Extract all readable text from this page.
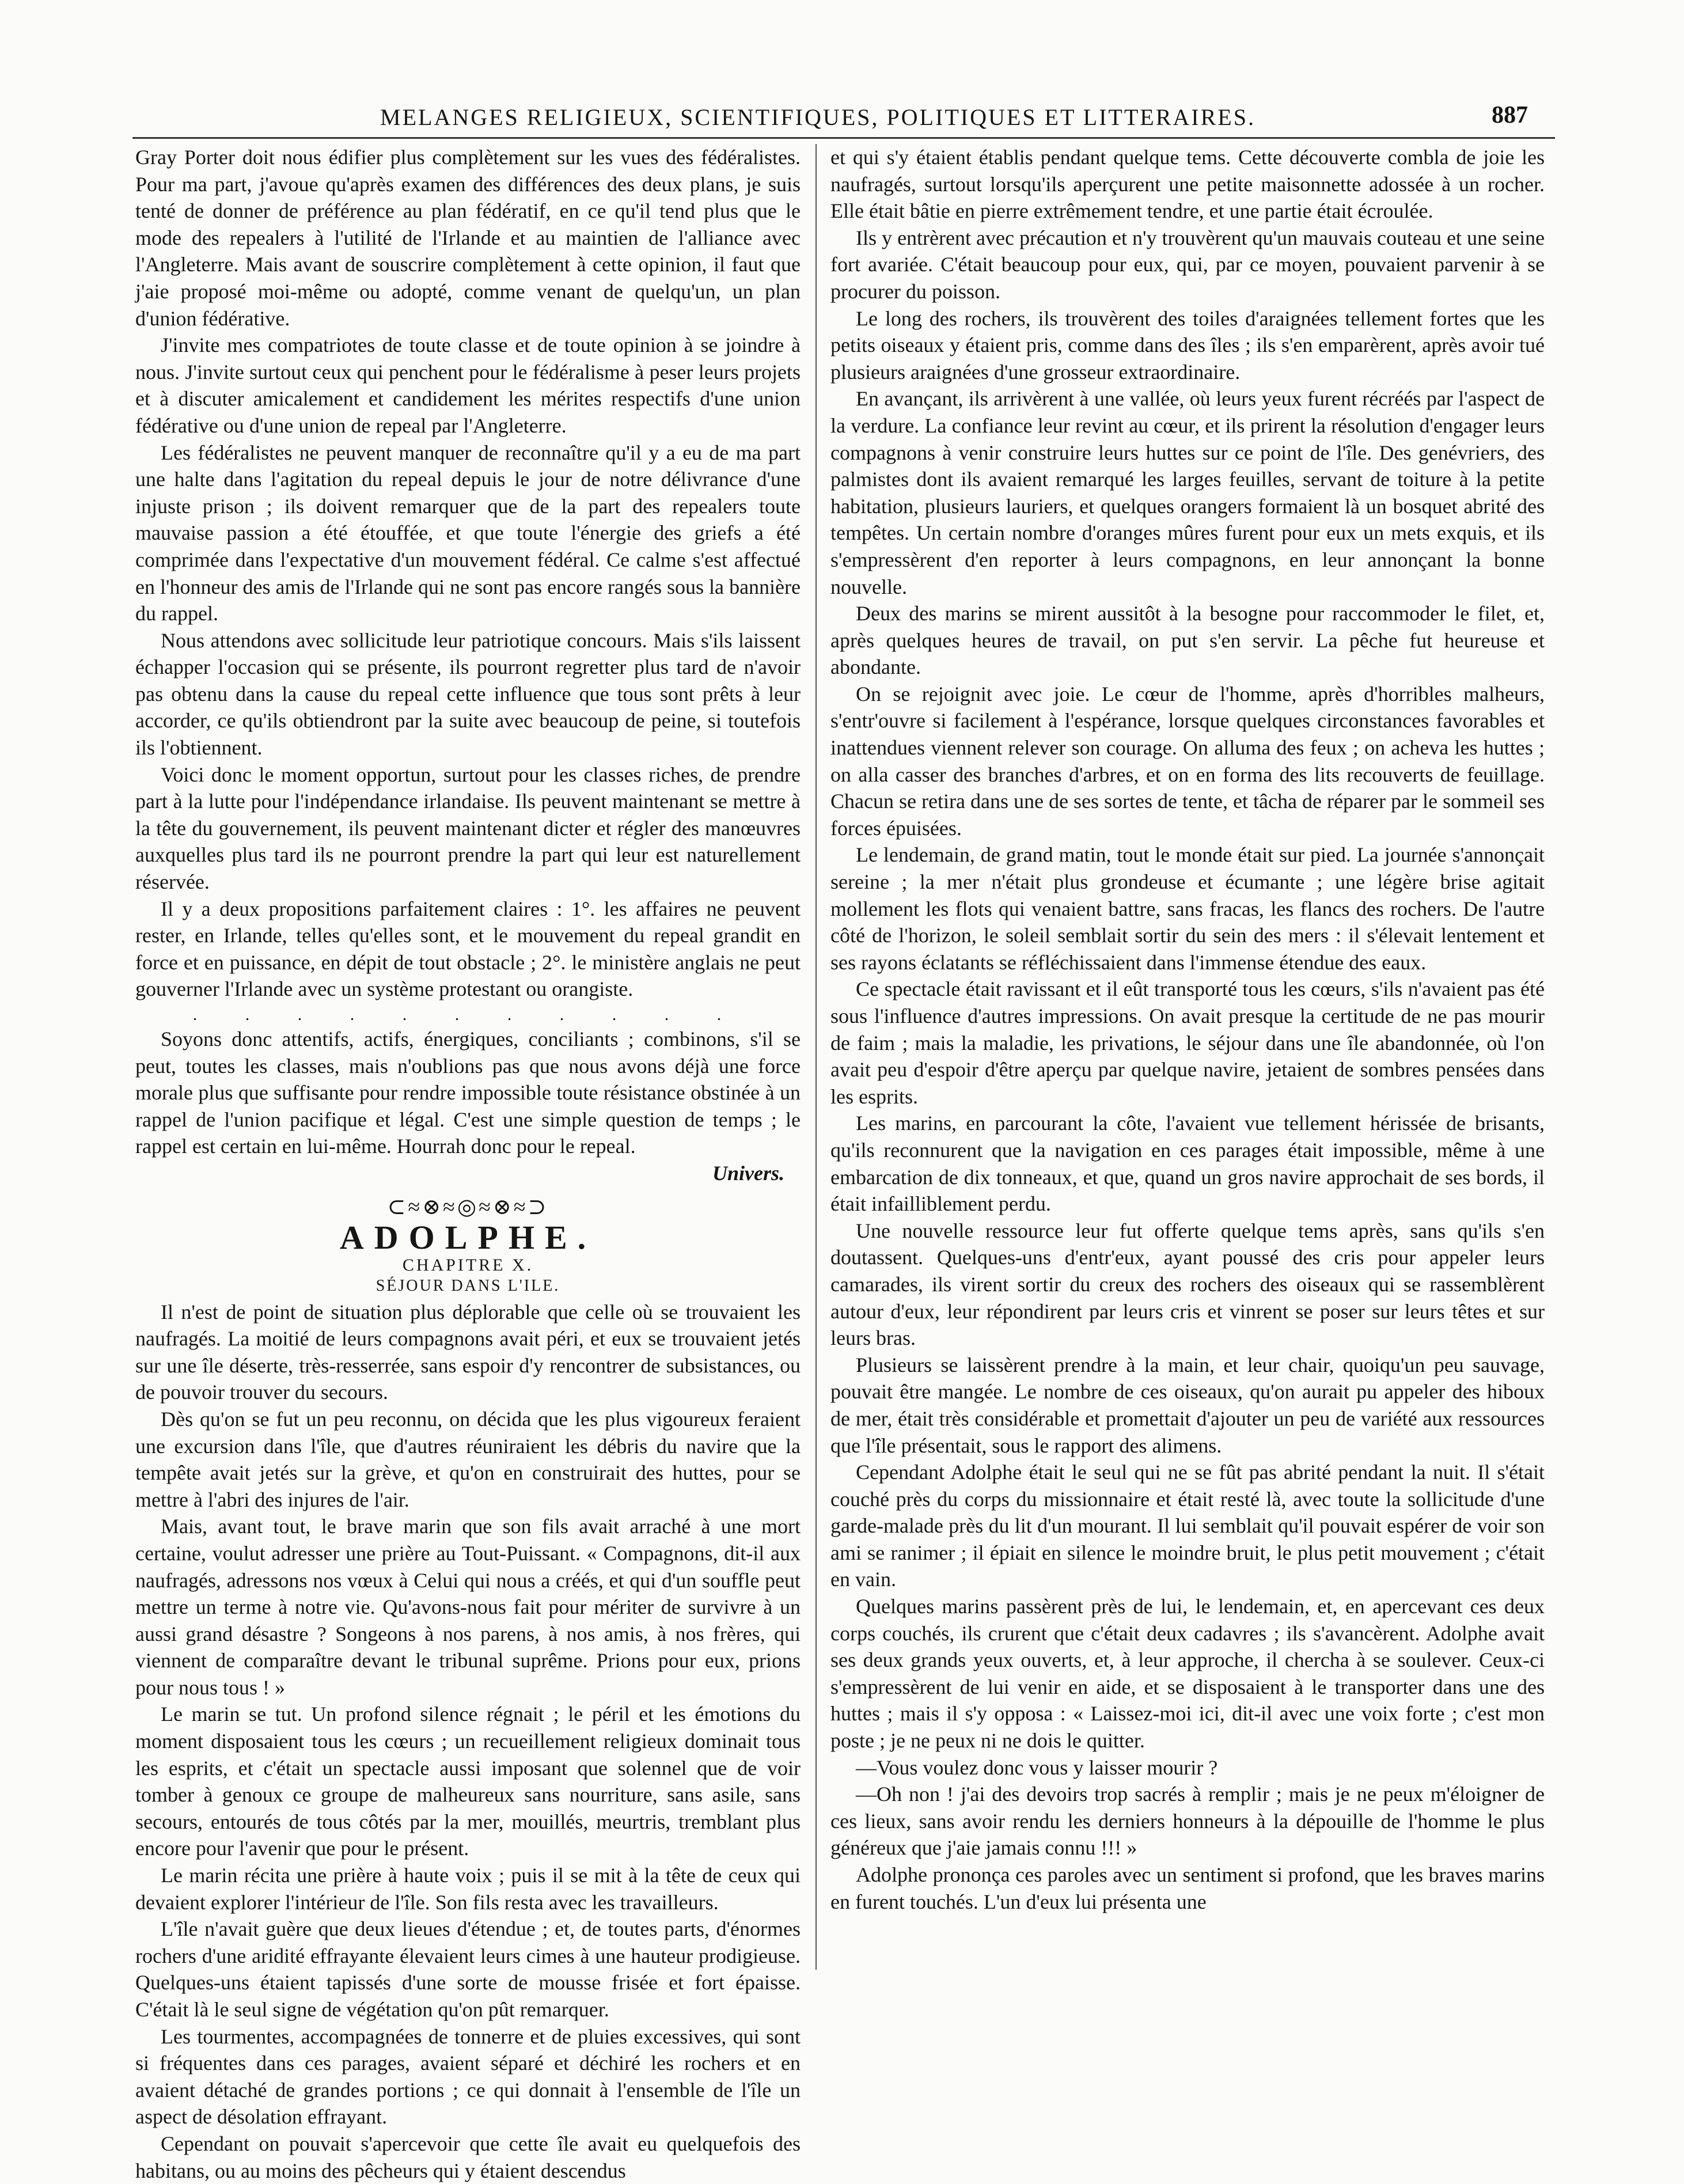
MELANGES RELIGIEUX, SCIENTIFIQUES, POLITIQUES ET LITTERAIRES.	887

Gray Porter doit nous édifier plus complètement sur les vues des fédéralistes. Pour ma part, j'avoue qu'après examen des différences des deux plans, je suis tenté de donner de préférence au plan fédératif, en ce qu'il tend plus que le mode des repealers à l'utilité de l'Irlande et au maintien de l'alliance avec l'Angleterre. Mais avant de souscrire complètement à cette opinion, il faut que j'aie proposé moi-même ou adopté, comme venant de quelqu'un, un plan d'union fédérative.

J'invite mes compatriotes de toute classe et de toute opinion à se joindre à nous. J'invite surtout ceux qui penchent pour le fédéralisme à peser leurs projets et à discuter amicalement et candidement les mérites respectifs d'une union fédérative ou d'une union de repeal par l'Angleterre.

Les fédéralistes ne peuvent manquer de reconnaître qu'il y a eu de ma part une halte dans l'agitation du repeal depuis le jour de notre délivrance d'une injuste prison ; ils doivent remarquer que de la part des repealers toute mauvaise passion a été étouffée, et que toute l'énergie des griefs a été comprimée dans l'expectative d'un mouvement fédéral. Ce calme s'est affectué en l'honneur des amis de l'Irlande qui ne sont pas encore rangés sous la bannière du rappel.

Nous attendons avec sollicitude leur patriotique concours. Mais s'ils laissent échapper l'occasion qui se présente, ils pourront regretter plus tard de n'avoir pas obtenu dans la cause du repeal cette influence que tous sont prêts à leur accorder, ce qu'ils obtiendront par la suite avec beaucoup de peine, si toutefois ils l'obtiennent.

Voici donc le moment opportun, surtout pour les classes riches, de prendre part à la lutte pour l'indépendance irlandaise. Ils peuvent maintenant se mettre à la tête du gouvernement, ils peuvent maintenant dicter et régler des manœuvres auxquelles plus tard ils ne pourront prendre la part qui leur est naturellement réservée.

Il y a deux propositions parfaitement claires : 1°. les affaires ne peuvent rester, en Irlande, telles qu'elles sont, et le mouvement du repeal grandit en force et en puissance, en dépit de tout obstacle ; 2°. le ministère anglais ne peut gouverner l'Irlande avec un système protestant ou orangiste.

. . . . . . . . . . .

Soyons donc attentifs, actifs, énergiques, conciliants ; combinons, s'il se peut, toutes les classes, mais n'oublions pas que nous avons déjà une force morale plus que suffisante pour rendre impossible toute résistance obstinée à un rappel de l'union pacifique et légal. C'est une simple question de temps ; le rappel est certain en lui-même. Hourrah donc pour le repeal.

Univers.
⊂≈⊗≈◎≈⊗≈⊃
ADOLPHE.
CHAPITRE X.
SÉJOUR DANS L'ILE.

Il n'est de point de situation plus déplorable que celle où se trouvaient les naufragés. La moitié de leurs compagnons avait péri, et eux se trouvaient jetés sur une île déserte, très-resserrée, sans espoir d'y rencontrer de subsistances, ou de pouvoir trouver du secours.

Dès qu'on se fut un peu reconnu, on décida que les plus vigoureux feraient une excursion dans l'île, que d'autres réuniraient les débris du navire que la tempête avait jetés sur la grève, et qu'on en construirait des huttes, pour se mettre à l'abri des injures de l'air.

Mais, avant tout, le brave marin que son fils avait arraché à une mort certaine, voulut adresser une prière au Tout-Puissant. « Compagnons, dit-il aux naufragés, adressons nos vœux à Celui qui nous a créés, et qui d'un souffle peut mettre un terme à notre vie. Qu'avons-nous fait pour mériter de survivre à un aussi grand désastre ? Songeons à nos parens, à nos amis, à nos frères, qui viennent de comparaître devant le tribunal suprême. Prions pour eux, prions pour nous tous ! »

Le marin se tut. Un profond silence régnait ; le péril et les émotions du moment disposaient tous les cœurs ; un recueillement religieux dominait tous les esprits, et c'était un spectacle aussi imposant que solennel que de voir tomber à genoux ce groupe de malheureux sans nourriture, sans asile, sans secours, entourés de tous côtés par la mer, mouillés, meurtris, tremblant plus encore pour l'avenir que pour le présent.

Le marin récita une prière à haute voix ; puis il se mit à la tête de ceux qui devaient explorer l'intérieur de l'île. Son fils resta avec les travailleurs.

L'île n'avait guère que deux lieues d'étendue ; et, de toutes parts, d'énormes rochers d'une aridité effrayante élevaient leurs cimes à une hauteur prodigieuse. Quelques-uns étaient tapissés d'une sorte de mousse frisée et fort épaisse. C'était là le seul signe de végétation qu'on pût remarquer.

Les tourmentes, accompagnées de tonnerre et de pluies excessives, qui sont si fréquentes dans ces parages, avaient séparé et déchiré les rochers et en avaient détaché de grandes portions ; ce qui donnait à l'ensemble de l'île un aspect de désolation effrayant.

Cependant on pouvait s'apercevoir que cette île avait eu quelquefois des habitans, ou au moins des pêcheurs qui y étaient descendus

et qui s'y étaient établis pendant quelque tems. Cette découverte combla de joie les naufragés, surtout lorsqu'ils aperçurent une petite maisonnette adossée à un rocher. Elle était bâtie en pierre extrêmement tendre, et une partie était écroulée.

Ils y entrèrent avec précaution et n'y trouvèrent qu'un mauvais couteau et une seine fort avariée. C'était beaucoup pour eux, qui, par ce moyen, pouvaient parvenir à se procurer du poisson.

Le long des rochers, ils trouvèrent des toiles d'araignées tellement fortes que les petits oiseaux y étaient pris, comme dans des îles ; ils s'en emparèrent, après avoir tué plusieurs araignées d'une grosseur extraordinaire.

En avançant, ils arrivèrent à une vallée, où leurs yeux furent récréés par l'aspect de la verdure. La confiance leur revint au cœur, et ils prirent la résolution d'engager leurs compagnons à venir construire leurs huttes sur ce point de l'île. Des genévriers, des palmistes dont ils avaient remarqué les larges feuilles, servant de toiture à la petite habitation, plusieurs lauriers, et quelques orangers formaient là un bosquet abrité des tempêtes. Un certain nombre d'oranges mûres furent pour eux un mets exquis, et ils s'empressèrent d'en reporter à leurs compagnons, en leur annonçant la bonne nouvelle.

Deux des marins se mirent aussitôt à la besogne pour raccommoder le filet, et, après quelques heures de travail, on put s'en servir. La pêche fut heureuse et abondante.

On se rejoignit avec joie. Le cœur de l'homme, après d'horribles malheurs, s'entr'ouvre si facilement à l'espérance, lorsque quelques circonstances favorables et inattendues viennent relever son courage. On alluma des feux ; on acheva les huttes ; on alla casser des branches d'arbres, et on en forma des lits recouverts de feuillage. Chacun se retira dans une de ses sortes de tente, et tâcha de réparer par le sommeil ses forces épuisées.

Le lendemain, de grand matin, tout le monde était sur pied. La journée s'annonçait sereine ; la mer n'était plus grondeuse et écumante ; une légère brise agitait mollement les flots qui venaient battre, sans fracas, les flancs des rochers. De l'autre côté de l'horizon, le soleil semblait sortir du sein des mers : il s'élevait lentement et ses rayons éclatants se réfléchissaient dans l'immense étendue des eaux.

Ce spectacle était ravissant et il eût transporté tous les cœurs, s'ils n'avaient pas été sous l'influence d'autres impressions. On avait presque la certitude de ne pas mourir de faim ; mais la maladie, les privations, le séjour dans une île abandonnée, où l'on avait peu d'espoir d'être aperçu par quelque navire, jetaient de sombres pensées dans les esprits.

Les marins, en parcourant la côte, l'avaient vue tellement hérissée de brisants, qu'ils reconnurent que la navigation en ces parages était impossible, même à une embarcation de dix tonneaux, et que, quand un gros navire approchait de ses bords, il était infailliblement perdu.

Une nouvelle ressource leur fut offerte quelque tems après, sans qu'ils s'en doutassent. Quelques-uns d'entr'eux, ayant poussé des cris pour appeler leurs camarades, ils virent sortir du creux des rochers des oiseaux qui se rassemblèrent autour d'eux, leur répondirent par leurs cris et vinrent se poser sur leurs têtes et sur leurs bras.

Plusieurs se laissèrent prendre à la main, et leur chair, quoiqu'un peu sauvage, pouvait être mangée. Le nombre de ces oiseaux, qu'on aurait pu appeler des hiboux de mer, était très considérable et promettait d'ajouter un peu de variété aux ressources que l'île présentait, sous le rapport des alimens.

Cependant Adolphe était le seul qui ne se fût pas abrité pendant la nuit. Il s'était couché près du corps du missionnaire et était resté là, avec toute la sollicitude d'une garde-malade près du lit d'un mourant. Il lui semblait qu'il pouvait espérer de voir son ami se ranimer ; il épiait en silence le moindre bruit, le plus petit mouvement ; c'était en vain.

Quelques marins passèrent près de lui, le lendemain, et, en apercevant ces deux corps couchés, ils crurent que c'était deux cadavres ; ils s'avancèrent. Adolphe avait ses deux grands yeux ouverts, et, à leur approche, il chercha à se soulever. Ceux-ci s'empressèrent de lui venir en aide, et se disposaient à le transporter dans une des huttes ; mais il s'y opposa : « Laissez-moi ici, dit-il avec une voix forte ; c'est mon poste ; je ne peux ni ne dois le quitter.

—Vous voulez donc vous y laisser mourir ?

—Oh non ! j'ai des devoirs trop sacrés à remplir ; mais je ne peux m'éloigner de ces lieux, sans avoir rendu les derniers honneurs à la dépouille de l'homme le plus généreux que j'aie jamais connu !!! »

Adolphe prononça ces paroles avec un sentiment si profond, que les braves marins en furent touchés. L'un d'eux lui présenta une
